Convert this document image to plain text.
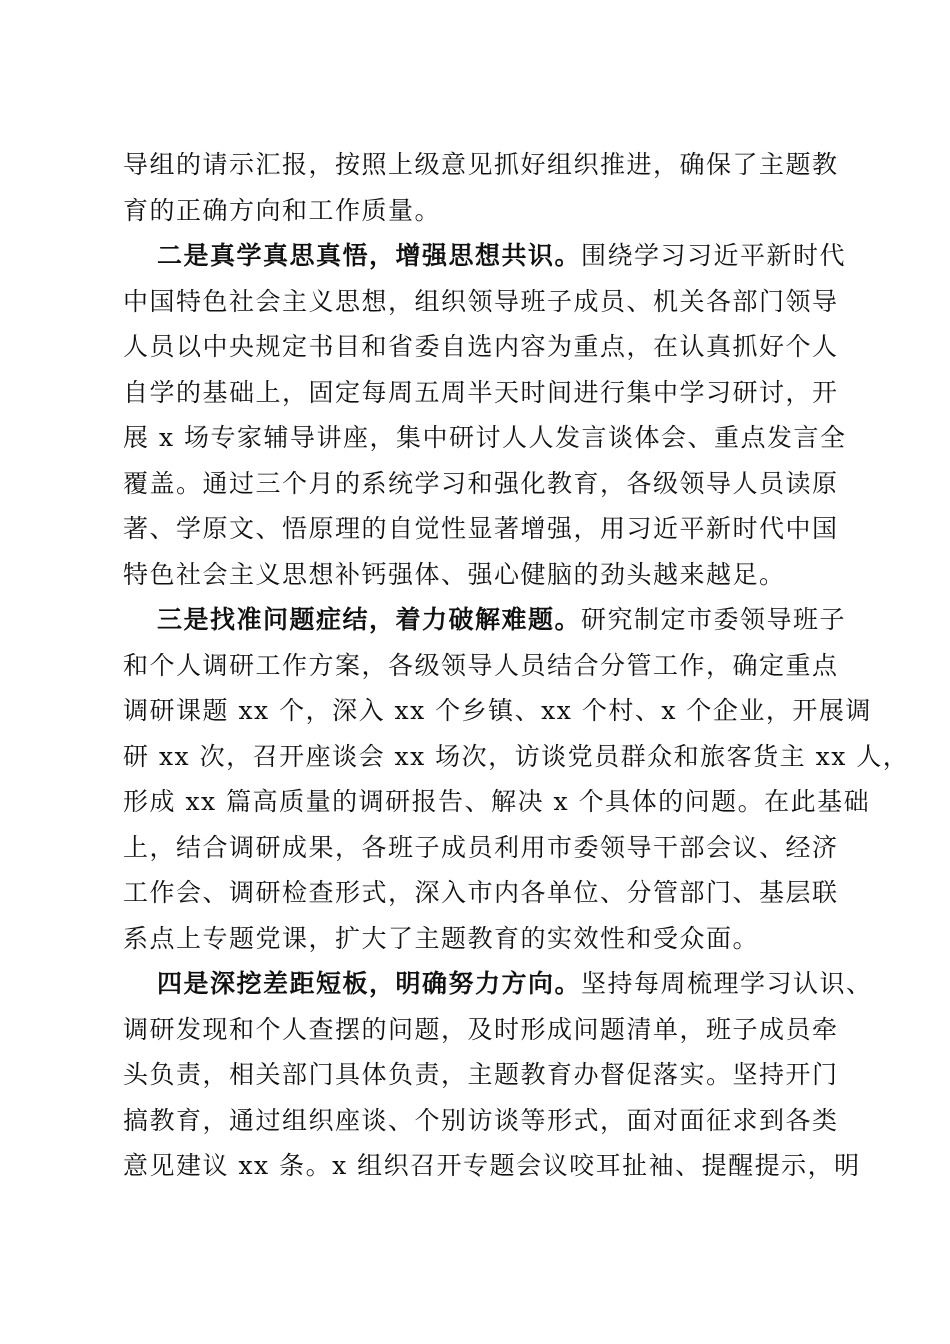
导组的请示汇报，按照上级意见抓好组织推进，确保了主题教
育的正确方向和工作质量。
二是真学真思真悟，增强思想共识。围绕学习习近平新时代
中国特色社会主义思想，组织领导班子成员、机关各部门领导
人员以中央规定书目和省委自选内容为重点，在认真抓好个人
自学的基础上，固定每周五周半天时间进行集中学习研讨，开
展 x 场专家辅导讲座，集中研讨人人发言谈体会、重点发言全
覆盖。通过三个月的系统学习和强化教育，各级领导人员读原
著、学原文、悟原理的自觉性显著增强，用习近平新时代中国
特色社会主义思想补钙强体、强心健脑的劲头越来越足。
三是找准问题症结，着力破解难题。研究制定市委领导班子
和个人调研工作方案，各级领导人员结合分管工作，确定重点
调研课题 xx 个，深入 xx 个乡镇、xx 个村、x 个企业，开展调
研 xx 次，召开座谈会 xx 场次，访谈党员群众和旅客货主 xx 人，
形成 xx 篇高质量的调研报告、解决 x 个具体的问题。在此基础
上，结合调研成果，各班子成员利用市委领导干部会议、经济
工作会、调研检查形式，深入市内各单位、分管部门、基层联
系点上专题党课，扩大了主题教育的实效性和受众面。
四是深挖差距短板，明确努力方向。坚持每周梳理学习认识、
调研发现和个人查摆的问题，及时形成问题清单，班子成员牵
头负责，相关部门具体负责，主题教育办督促落实。坚持开门
搞教育，通过组织座谈、个别访谈等形式，面对面征求到各类
意见建议 xx 条。x 组织召开专题会议咬耳扯袖、提醒提示，明
